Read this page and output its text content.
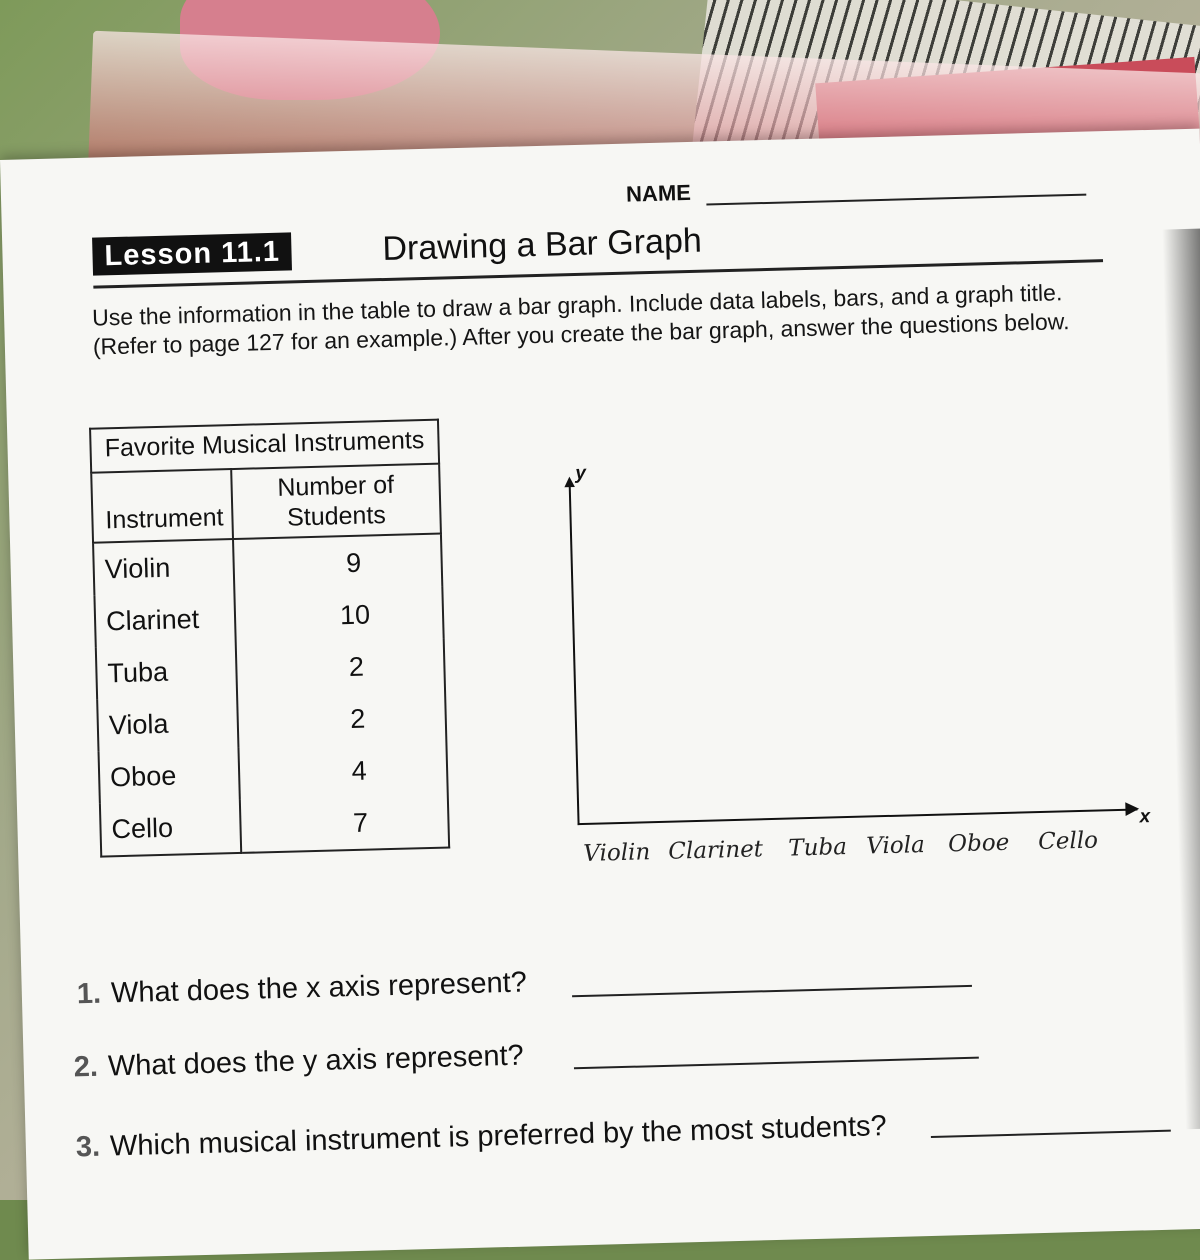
NAME
Lesson 11.1	Drawing a Bar Graph
Use the information in the table to draw a bar graph. Include data labels, bars, and a graph title. (Refer to page 127 for an example.) After you create the bar graph, answer the questions below.
Favorite Musical Instruments	
Instrument	Number of Students
Violin	9
Clarinet	10
Tuba	2
Viola	2
Oboe	4
Cello	7
▲
▶
y
x
Violin Clarinet Tuba Viola Oboe Cello
1. What does the x axis represent?
2. What does the y axis represent?
3. Which musical instrument is preferred by the most students?
